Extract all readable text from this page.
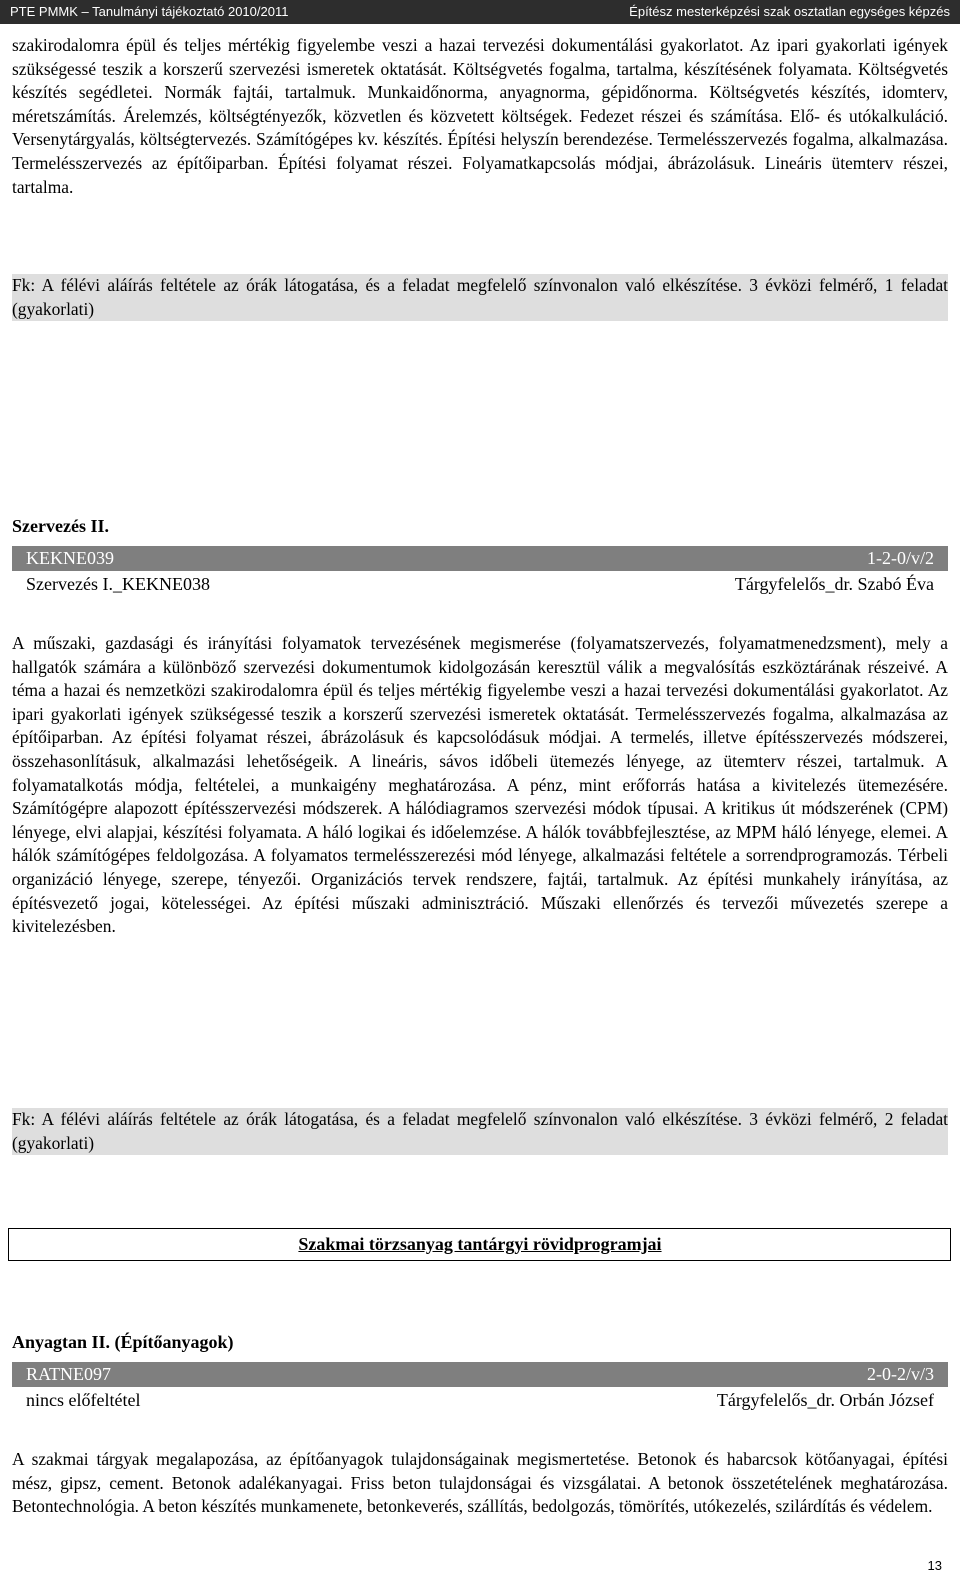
PTE PMMK – Tanulmányi tájékoztató 2010/2011	Építész mesterképzési szak osztatlan egységes képzés
szakirodalomra épül és teljes mértékig figyelembe veszi a hazai tervezési dokumentálási gyakorlatot. Az ipari gyakorlati igények szükségessé teszik a korszerű szervezési ismeretek oktatását. Költségvetés fogalma, tartalma, készítésének folyamata. Költségvetés készítés segédletei. Normák fajtái, tartalmuk. Munkaidőnorma, anyagnorma, gépidőnorma. Költségvetés készítés, idomterv, méretszámítás. Árelemzés, költségtényezők, közvetlen és közvetett költségek. Fedezet részei és számítása. Elő- és utókalkuláció. Versenytárgyalás, költségtervezés. Számítógépes kv. készítés. Építési helyszín berendezése. Termelésszervezés fogalma, alkalmazása. Termelésszervezés az építőiparban. Építési folyamat részei. Folyamatkapcsolás módjai, ábrázolásuk. Lineáris ütemterv részei, tartalma.
Fk: A félévi aláírás feltétele az órák látogatása, és a feladat megfelelő színvonalon való elkészítése. 3 évközi felmérő, 1 feladat (gyakorlati)
Szervezés II.
KEKNE039	1-2-0/v/2
Szervezés I._KEKNE038	Tárgyfelelős_dr. Szabó Éva
A műszaki, gazdasági és irányítási folyamatok tervezésének megismerése (folyamatszervezés, folyamatmenedzsment), mely a hallgatók számára a különböző szervezési dokumentumok kidolgozásán keresztül válik a megvalósítás eszköztárának részeivé. A téma a hazai és nemzetközi szakirodalomra épül és teljes mértékig figyelembe veszi a hazai tervezési dokumentálási gyakorlatot. Az ipari gyakorlati igények szükségessé teszik a korszerű szervezési ismeretek oktatását. Termelésszervezés fogalma, alkalmazása az építőiparban. Az építési folyamat részei, ábrázolásuk és kapcsolódásuk módjai. A termelés, illetve építésszervezés módszerei, összehasonlításuk, alkalmazási lehetőségeik. A lineáris, sávos időbeli ütemezés lényege, az ütemterv részei, tartalmuk. A folyamatalkotás módja, feltételei, a munkaigény meghatározása. A pénz, mint erőforrás hatása a kivitelezés ütemezésére. Számítógépre alapozott építésszervezési módszerek. A hálódiagramos szervezési módok típusai. A kritikus út módszerének (CPM) lényege, elvi alapjai, készítési folyamata. A háló logikai és időelemzése. A hálók továbbfejlesztése, az MPM háló lényege, elemei. A hálók számítógépes feldolgozása. A folyamatos termelésszerezési mód lényege, alkalmazási feltétele a sorrendprogramozás. Térbeli organizáció lényege, szerepe, tényezői. Organizációs tervek rendszere, fajtái, tartalmuk. Az építési munkahely irányítása, az építésvezető jogai, kötelességei. Az építési műszaki adminisztráció. Műszaki ellenőrzés és tervezői művezetés szerepe a kivitelezésben.
Fk: A félévi aláírás feltétele az órák látogatása, és a feladat megfelelő színvonalon való elkészítése. 3 évközi felmérő, 2 feladat (gyakorlati)
Szakmai törzsanyag tantárgyi rövidprogramjai
Anyagtan II. (Építőanyagok)
RATNE097	2-0-2/v/3
nincs előfeltétel	Tárgyfelelős_dr. Orbán József
A szakmai tárgyak megalapozása, az építőanyagok tulajdonságainak megismertetése. Betonok és habarcsok kötőanyagai, építési mész, gipsz, cement. Betonok adalékanyagai. Friss beton tulajdonságai és vizsgálatai. A betonok összetételének meghatározása. Betontechnológia. A beton készítés munkamenete, betonkeverés, szállítás, bedolgozás, tömörítés, utókezelés, szilárdítás és védelem.
13
